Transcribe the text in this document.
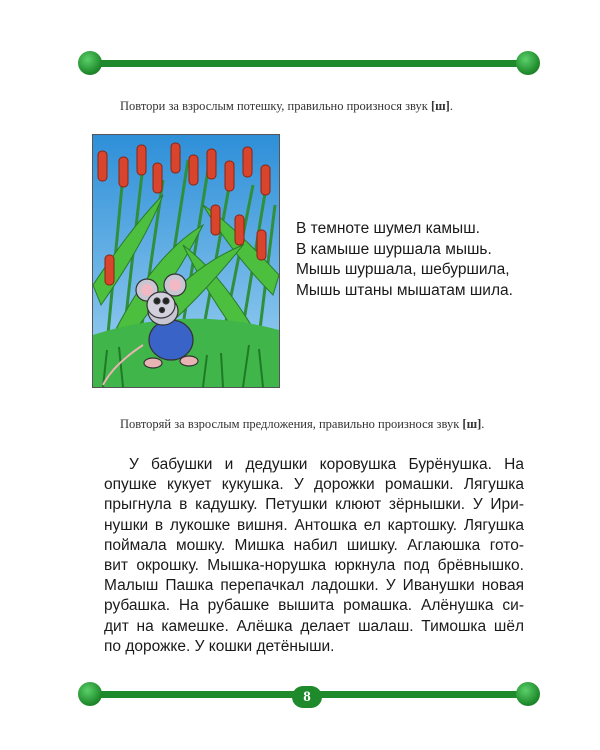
Повтори за взрослым потешку, правильно произнося звук [ш].
В темноте шумел камыш.
В камыше шуршала мышь.
Мышь шуршала, шебуршила,
Мышь штаны мышатам шила.
Повторяй за взрослым предложения, правильно произнося звук [ш].
У бабушки и дедушки коровушка Бурёнушка. На
опушке кукует кукушка. У дорожки ромашки. Лягушка
прыгнула в кадушку. Петушки клюют зёрнышки. У Ири-
нушки в лукошке вишня. Антошка ел картошку. Лягушка
поймала мошку. Мишка набил шишку. Аглаюшка гото-
вит окрошку. Мышка-норушка юркнула под брёвнышко.
Малыш Пашка перепачкал ладошки. У Иванушки новая
рубашка. На рубашке вышита ромашка. Алёнушка си-
дит на камешке. Алёшка делает шалаш. Тимошка шёл
по дорожке. У кошки детёныши.
8
